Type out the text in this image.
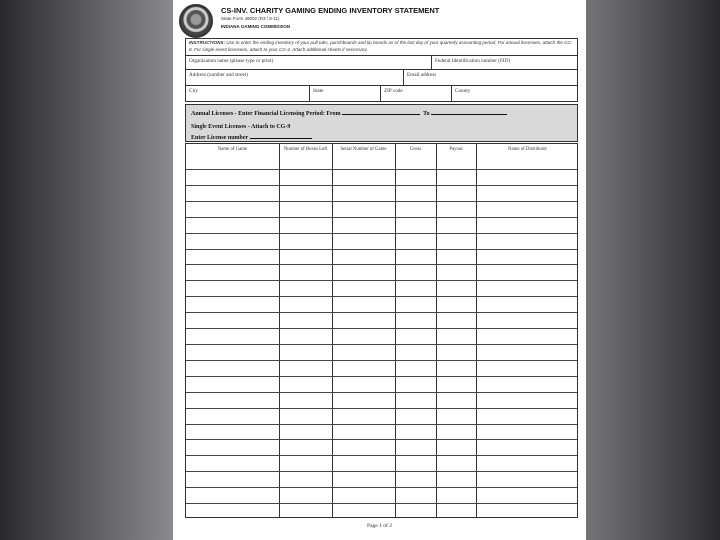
CS-INV. CHARITY GAMING ENDING INVENTORY STATEMENT
State Form 49002 (R3 / 8-11)
INDIANA GAMING COMMISSION
INSTRUCTIONS: Use to enter the ending inventory of your pull tabs, punchboards and tip boards as of the last day of your quarterly accounting period. For annual licensees, attach the CG-8. For single event licensees, attach to your CG-4. Attach additional sheets if necessary.
Organization name (please type or print)	Federal Identification number (FID)
Address (number and street)	Email address
City	State	ZIP code	County
Annual Licenses - Enter Financial Licensing Period: From	To
Single Event Licenses - Attach to CG-9
Enter License number
Name of Game	Number of Boxes Left	Serial Number of Game	Gross	Payout	Name of Distributor
Page 1 of 2
